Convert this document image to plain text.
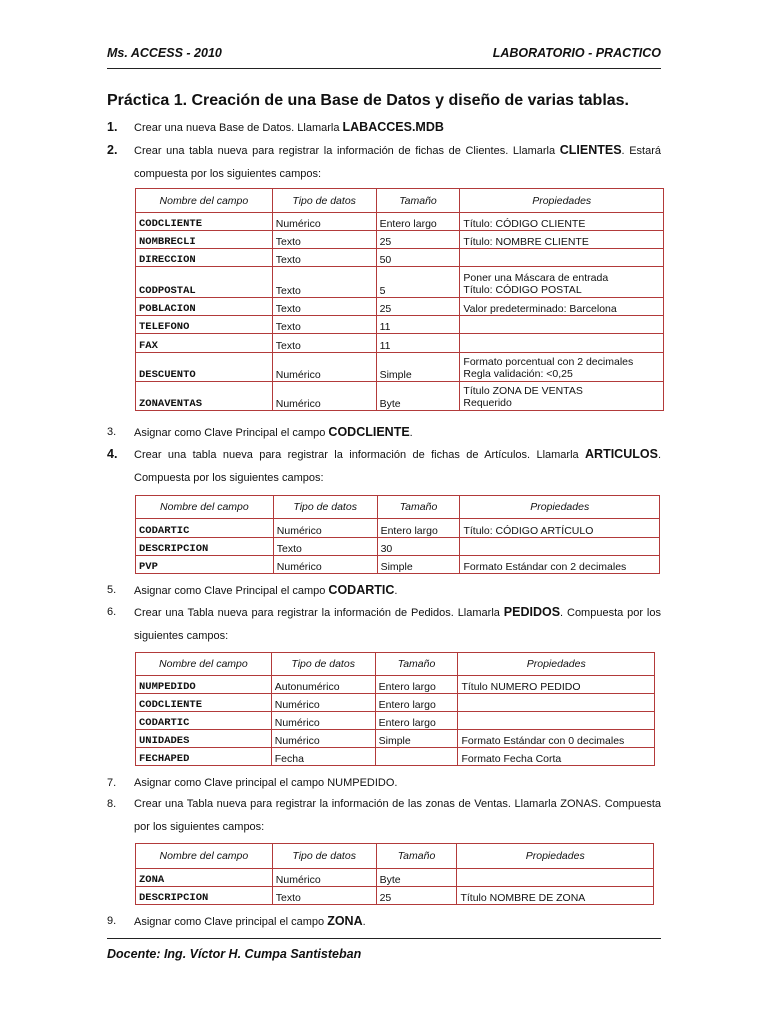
Ms. ACCESS - 2010	LABORATORIO - PRACTICO
Práctica 1. Creación de una Base de Datos y diseño de varias tablas.
1.	Crear una nueva Base de Datos. Llamarla LABACCES.MDB
2.	Crear una tabla nueva para registrar la información de fichas de Clientes. Llamarla CLIENTES. Estará compuesta por los siguientes campos:
Nombre del campo	Tipo de datos	Tamaño	Propiedades
CODCLIENTE	Numérico	Entero largo	Título: CÓDIGO CLIENTE
NOMBRECLI	Texto	25	Título: NOMBRE CLIENTE
DIRECCION	Texto	50	
CODPOSTAL	Texto	5	Poner una Máscara de entrada
Título: CÓDIGO POSTAL

POBLACION	Texto	25	Valor predeterminado: Barcelona
TELEFONO	Texto	11	
FAX	Texto	11	
DESCUENTO	Numérico	Simple	Formato porcentual con 2 decimales
Regla validación: <0,25

ZONAVENTAS	Numérico	Byte	Título ZONA DE VENTAS
Requerido
3.	Asignar como Clave Principal el campo CODCLIENTE.
4.	Crear una tabla nueva para registrar la información de fichas de Artículos. Llamarla ARTICULOS. Compuesta por los siguientes campos:
Nombre del campo	Tipo de datos	Tamaño	Propiedades
CODARTIC	Numérico	Entero largo	Título: CÓDIGO ARTÍCULO
DESCRIPCION	Texto	30	
PVP	Numérico	Simple	Formato Estándar con 2 decimales
5.	Asignar como Clave Principal el campo CODARTIC.
6.	Crear una Tabla nueva para registrar la información de Pedidos. Llamarla PEDIDOS. Compuesta por los siguientes campos:
Nombre del campo	Tipo de datos	Tamaño	Propiedades
NUMPEDIDO	Autonumérico	Entero largo	Título NUMERO PEDIDO
CODCLIENTE	Numérico	Entero largo	
CODARTIC	Numérico	Entero largo	
UNIDADES	Numérico	Simple	Formato Estándar con 0 decimales
FECHAPED	Fecha		Formato Fecha Corta
7.	Asignar como Clave principal el campo NUMPEDIDO.
8.	Crear una Tabla nueva para registrar la información de las zonas de Ventas. Llamarla ZONAS. Compuesta por los siguientes campos:
Nombre del campo	Tipo de datos	Tamaño	Propiedades
ZONA	Numérico	Byte	
DESCRIPCION	Texto	25	Título NOMBRE DE ZONA
9.	Asignar como Clave principal el campo ZONA.
Docente: Ing. Víctor H. Cumpa Santisteban
